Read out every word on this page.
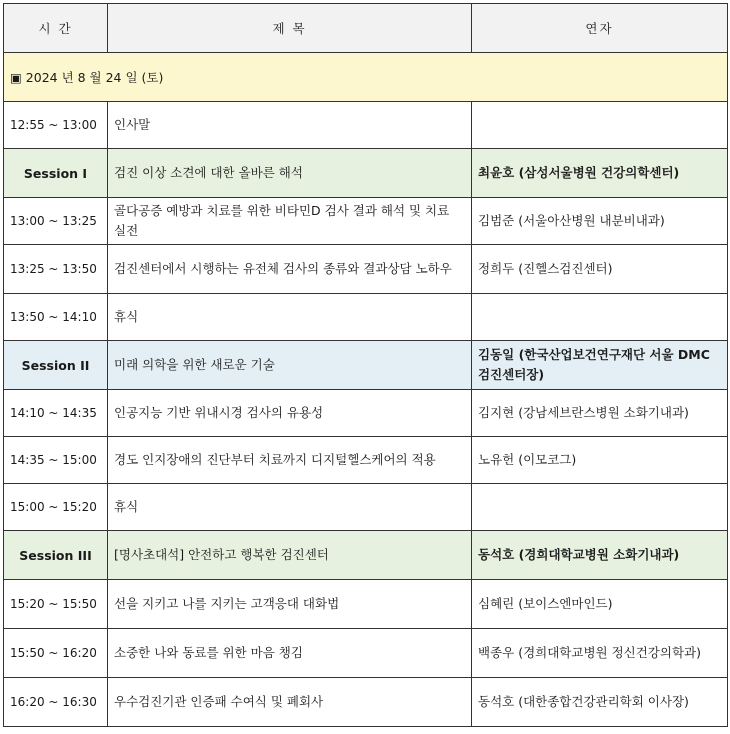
시 간	제 목	연자
▣ 2024 년 8 월 24 일 (토)		
12:55 ~ 13:00	인사말	
Session I	검진 이상 소견에 대한 올바른 해석	최윤호 (삼성서울병원 건강의학센터)
13:00 ~ 13:25	골다공증 예방과 치료를 위한 비타민D 검사 결과 해석 및 치료 실전	김범준 (서울아산병원 내분비내과)
13:25 ~ 13:50	검진센터에서 시행하는 유전체 검사의 종류와 결과상담 노하우	정희두 (진헬스검진센터)
13:50 ~ 14:10	휴식	
Session II	미래 의학을 위한 새로운 기술	김동일 (한국산업보건연구재단 서울 DMC 검진센터장)
14:10 ~ 14:35	인공지능 기반 위내시경 검사의 유용성	김지현 (강남세브란스병원 소화기내과)
14:35 ~ 15:00	경도 인지장애의 진단부터 치료까지 디지털헬스케어의 적용	노유헌 (이모코그)
15:00 ~ 15:20	휴식	
Session III	[명사초대석] 안전하고 행복한 검진센터	동석호 (경희대학교병원 소화기내과)
15:20 ~ 15:50	선을 지키고 나를 지키는 고객응대 대화법	심혜린 (보이스엔마인드)
15:50 ~ 16:20	소중한 나와 동료를 위한 마음 챙김	백종우 (경희대학교병원 정신건강의학과)
16:20 ~ 16:30	우수검진기관 인증패 수여식 및 폐회사	동석호 (대한종합건강관리학회 이사장)
